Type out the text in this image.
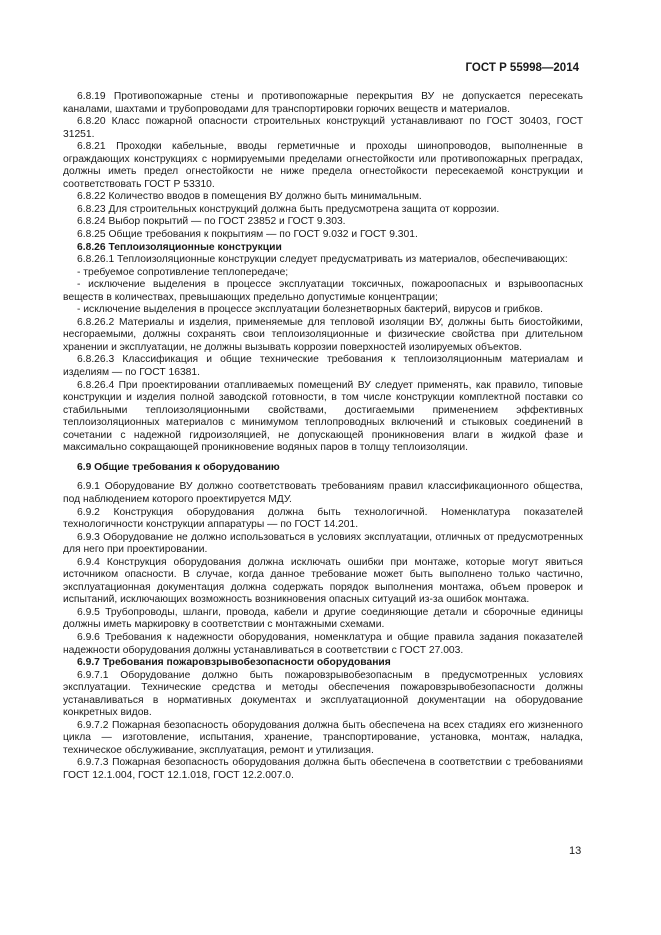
ГОСТ Р 55998—2014

6.8.19 Противопожарные стены и противопожарные перекрытия ВУ не допускается пересекать каналами, шахтами и трубопроводами для транспортировки горючих веществ и материалов.

6.8.20 Класс пожарной опасности строительных конструкций устанавливают по ГОСТ 30403, ГОСТ 31251.

6.8.21 Проходки кабельные, вводы герметичные и проходы шинопроводов, выполненные в ограждающих конструкциях с нормируемыми пределами огнестойкости или противопожарных преградах, должны иметь предел огнестойкости не ниже предела огнестойкости пересекаемой конструкции и соответствовать ГОСТ Р 53310.

6.8.22 Количество вводов в помещения ВУ должно быть минимальным.

6.8.23 Для строительных конструкций должна быть предусмотрена защита от коррозии.

6.8.24 Выбор покрытий — по ГОСТ 23852 и ГОСТ 9.303.

6.8.25 Общие требования к покрытиям — по ГОСТ 9.032 и ГОСТ 9.301.

6.8.26 Теплоизоляционные конструкции

6.8.26.1 Теплоизоляционные конструкции следует предусматривать из материалов, обеспечивающих:

- требуемое сопротивление теплопередаче;

- исключение выделения в процессе эксплуатации токсичных, пожароопасных и взрывоопасных веществ в количествах, превышающих предельно допустимые концентрации;

- исключение выделения в процессе эксплуатации болезнетворных бактерий, вирусов и грибков.

6.8.26.2 Материалы и изделия, применяемые для тепловой изоляции ВУ, должны быть биостойкими, несгораемыми, должны сохранять свои теплоизоляционные и физические свойства при длительном хранении и эксплуатации, не должны вызывать коррозии поверхностей изолируемых объектов.

6.8.26.3 Классификация и общие технические требования к теплоизоляционным материалам и изделиям — по ГОСТ 16381.

6.8.26.4 При проектировании отапливаемых помещений ВУ следует применять, как правило, типовые конструкции и изделия полной заводской готовности, в том числе конструкции комплектной поставки со стабильными теплоизоляционными свойствами, достигаемыми применением эффективных теплоизоляционных материалов с минимумом теплопроводных включений и стыковых соединений в сочетании с надежной гидроизоляцией, не допускающей проникновения влаги в жидкой фазе и максимально сокращающей проникновение водяных паров в толщу теплоизоляции.

6.9 Общие требования к оборудованию

6.9.1 Оборудование ВУ должно соответствовать требованиям правил классификационного общества, под наблюдением которого проектируется МДУ.

6.9.2 Конструкция оборудования должна быть технологичной. Номенклатура показателей технологичности конструкции аппаратуры — по ГОСТ 14.201.

6.9.3 Оборудование не должно использоваться в условиях эксплуатации, отличных от предусмотренных для него при проектировании.

6.9.4 Конструкция оборудования должна исключать ошибки при монтаже, которые могут явиться источником опасности. В случае, когда данное требование может быть выполнено только частично, эксплуатационная документация должна содержать порядок выполнения монтажа, объем проверок и испытаний, исключающих возможность возникновения опасных ситуаций из-за ошибок монтажа.

6.9.5 Трубопроводы, шланги, провода, кабели и другие соединяющие детали и сборочные единицы должны иметь маркировку в соответствии с монтажными схемами.

6.9.6 Требования к надежности оборудования, номенклатура и общие правила задания показателей надежности оборудования должны устанавливаться в соответствии с ГОСТ 27.003.

6.9.7 Требования пожаровзрывобезопасности оборудования

6.9.7.1 Оборудование должно быть пожаровзрывобезопасным в предусмотренных условиях эксплуатации. Технические средства и методы обеспечения пожаровзрывобезопасности должны устанавливаться в нормативных документах и эксплуатационной документации на оборудование конкретных видов.

6.9.7.2 Пожарная безопасность оборудования должна быть обеспечена на всех стадиях его жизненного цикла — изготовление, испытания, хранение, транспортирование, установка, монтаж, наладка, техническое обслуживание, эксплуатация, ремонт и утилизация.

6.9.7.3 Пожарная безопасность оборудования должна быть обеспечена в соответствии с требованиями ГОСТ 12.1.004, ГОСТ 12.1.018, ГОСТ 12.2.007.0.

13
